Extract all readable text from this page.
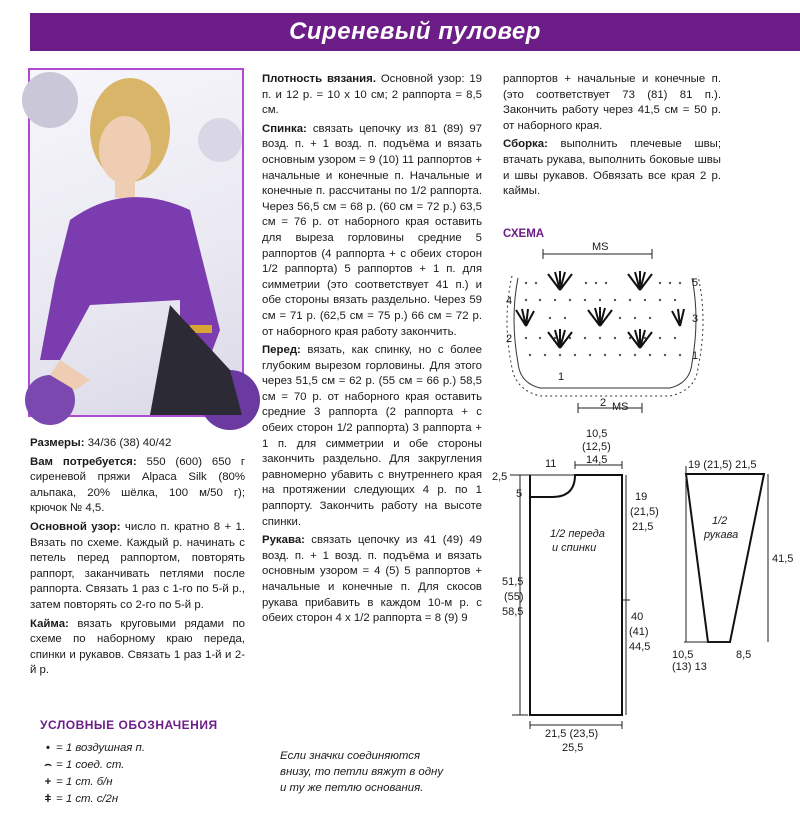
Сиреневый пуловер

Размеры: 34/36 (38) 40/42

Вам потребуется: 550 (600) 650 г сиреневой пряжи Alpaca Silk (80% альпака, 20% шёлка, 100 м/50 г); крючок № 4,5.

Основной узор: число п. кратно 8 + 1. Вязать по схеме. Каждый р. начинать с петель перед раппортом, повторять раппорт, заканчивать петлями после раппорта. Связать 1 раз с 1-го по 5-й р., затем повторять со 2-го по 5-й р.

Кайма: вязать круговыми рядами по схеме по наборному краю переда, спинки и рукавов. Связать 1 раз 1-й и 2-й р.

Плотность вязания. Основной узор: 19 п. и 12 р. = 10 х 10 см; 2 раппорта = 8,5 см.

Спинка: связать цепочку из 81 (89) 97 возд. п. + 1 возд. п. подъёма и вязать основным узором = 9 (10) 11 раппортов + начальные и конечные п. Начальные и конечные п. рассчитаны по 1/2 раппорта. Через 56,5 см = 68 р. (60 см = 72 р.) 63,5 см = 76 р. от наборного края оставить для выреза горловины средние 5 раппортов (4 раппорта + с обеих сторон 1/2 раппорта) 5 раппортов + 1 п. для симметрии (это соответствует 41 п.) и обе стороны вязать раздельно. Через 59 см = 71 р. (62,5 см = 75 р.) 66 см = 72 р. от наборного края работу закончить.

Перед: вязать, как спинку, но с более глубоким вырезом горловины. Для этого через 51,5 см = 62 р. (55 см = 66 р.) 58,5 см = 70 р. от наборного края оставить средние 3 раппорта (2 раппорта + с обеих сторон 1/2 раппорта) 3 раппорта + 1 п. для симметрии и обе стороны закончить раздельно. Для закругления равномерно убавить с внутреннего края на протяжении следующих 4 р. по 1 раппорту. Закончить работу на высоте спинки.

Рукава: связать цепочку из 41 (49) 49 возд. п. + 1 возд. п. подъёма и вязать основным узором = 4 (5) 5 раппортов + начальные и конечные п. Для скосов рукава прибавить в каждом 10-м р. с обеих сторон 4 х 1/2 раппорта = 8 (9) 9

раппортов + начальные и конечные п. (это соответствует 73 (81) 81 п.). Закончить работу через 41,5 см = 50 р. от наборного края.

Сборка: выполнить плечевые швы; втачать рукава, выполнить боковые швы и швы рукавов. Обвязать все края 2 р. каймы.

СХЕМА
MS
MS
5
4
3
2
1
1
2
10,5
(12,5)
14,5
11
2,5
5	19
(21,5)
21,5
40
(41)
44,5
51,5
(55)
58,5
21,5 (23,5)
25,5
1/2 переда
и спинки
19 (21,5) 21,5
41,5
10,5
(13) 13
8,5
1/2
рукава
УСЛОВНЫЕ ОБОЗНАЧЕНИЯ
• = 1 воздушная п.
⌢ = 1 соед. ст.
+ = 1 ст. б/н
ǂ = 1 ст. с/2н
Если значки соединяются внизу, то петли вяжут в одну и ту же петлю основания.
